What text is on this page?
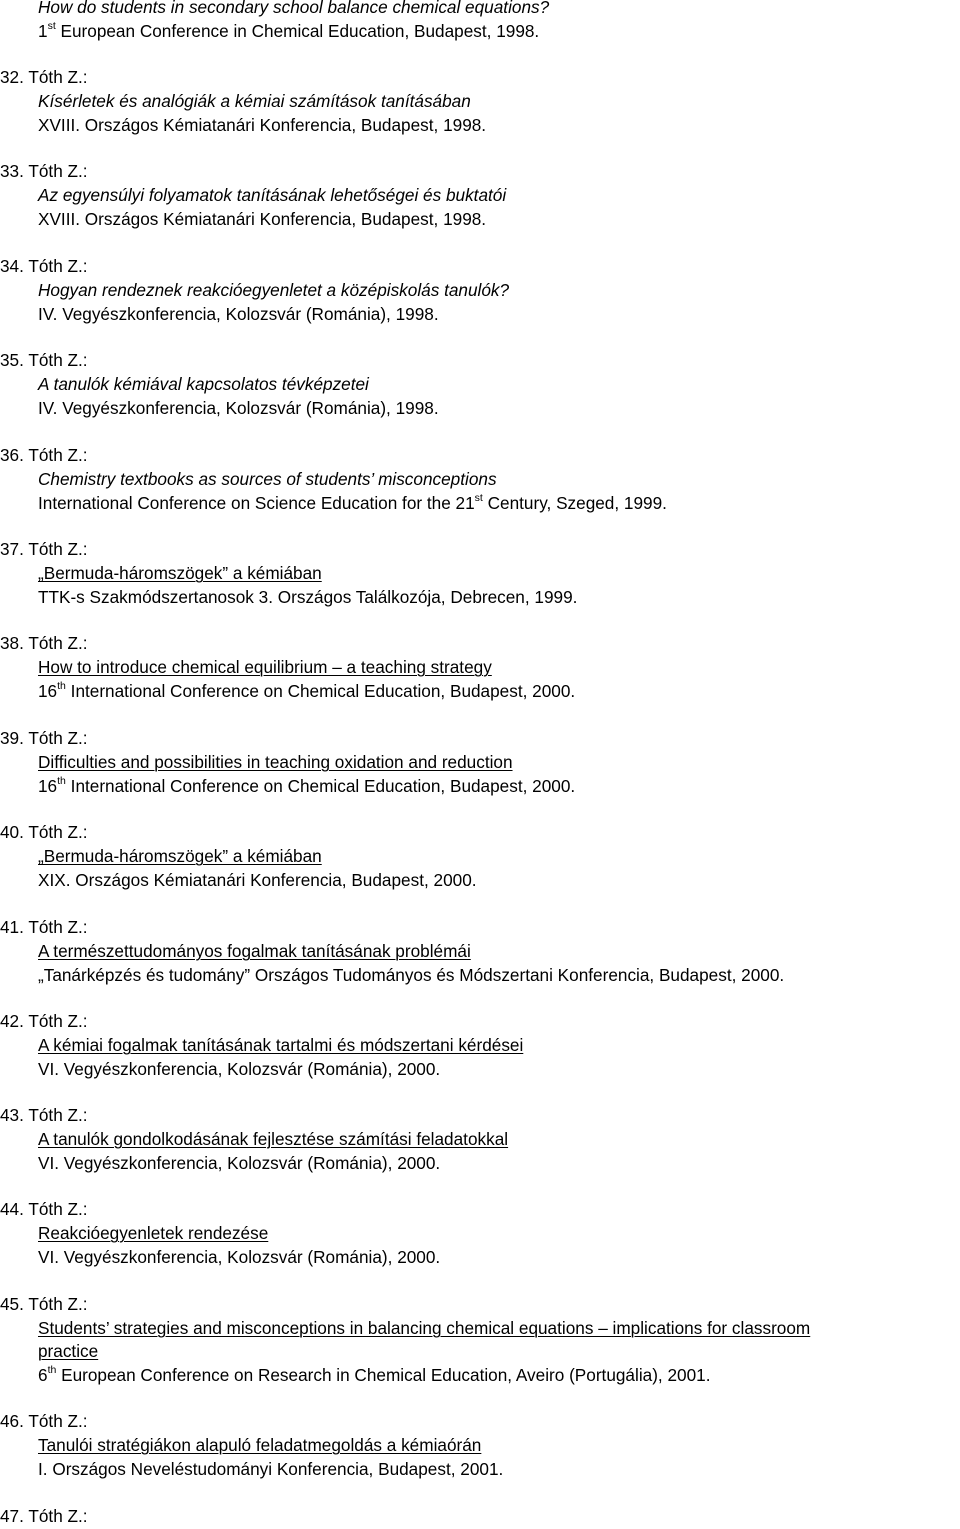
How do students in secondary school balance chemical equations?
1st European Conference in Chemical Education, Budapest, 1998.
32. Tóth Z.:
Kísérletek és analógiák a kémiai számítások tanításában
XVIII. Országos Kémiatanári Konferencia, Budapest, 1998.
33. Tóth Z.:
Az egyensúlyi folyamatok tanításának lehetőségei és buktatói
XVIII. Országos Kémiatanári Konferencia, Budapest, 1998.
34. Tóth Z.:
Hogyan rendeznek reakcióegyenletet a középiskolás tanulók?
IV. Vegyészkonferencia, Kolozsvár (Románia), 1998.
35. Tóth Z.:
A tanulók kémiával kapcsolatos tévképzetei
IV. Vegyészkonferencia, Kolozsvár (Románia), 1998.
36. Tóth Z.:
Chemistry textbooks as sources of students’ misconceptions
International Conference on Science Education for the 21st Century, Szeged, 1999.
37. Tóth Z.:
„Bermuda-háromszögek” a kémiában
TTK-s Szakmódszertanosok 3. Országos Találkozója, Debrecen, 1999.
38. Tóth Z.:
How to introduce chemical equilibrium – a teaching strategy
16th International Conference on Chemical Education, Budapest, 2000.
39. Tóth Z.:
Difficulties and possibilities in teaching oxidation and reduction
16th International Conference on Chemical Education, Budapest, 2000.
40. Tóth Z.:
„Bermuda-háromszögek” a kémiában
XIX. Országos Kémiatanári Konferencia, Budapest, 2000.
41. Tóth Z.:
A természettudományos fogalmak tanításának problémái
„Tanárképzés és tudomány” Országos Tudományos és Módszertani Konferencia, Budapest, 2000.
42. Tóth Z.:
A kémiai fogalmak tanításának tartalmi és módszertani kérdései
VI. Vegyészkonferencia, Kolozsvár (Románia), 2000.
43. Tóth Z.:
A tanulók gondolkodásának fejlesztése számítási feladatokkal
VI. Vegyészkonferencia, Kolozsvár (Románia), 2000.
44. Tóth Z.:
Reakcióegyenletek rendezése
VI. Vegyészkonferencia, Kolozsvár (Románia), 2000.
45. Tóth Z.:
Students’ strategies and misconceptions in balancing chemical equations – implications for classroom
practice
6th European Conference on Research in Chemical Education, Aveiro (Portugália), 2001.
46. Tóth Z.:
Tanulói stratégiákon alapuló feladatmegoldás a kémiaórán
I. Országos Neveléstudományi Konferencia, Budapest, 2001.
47. Tóth Z.:
